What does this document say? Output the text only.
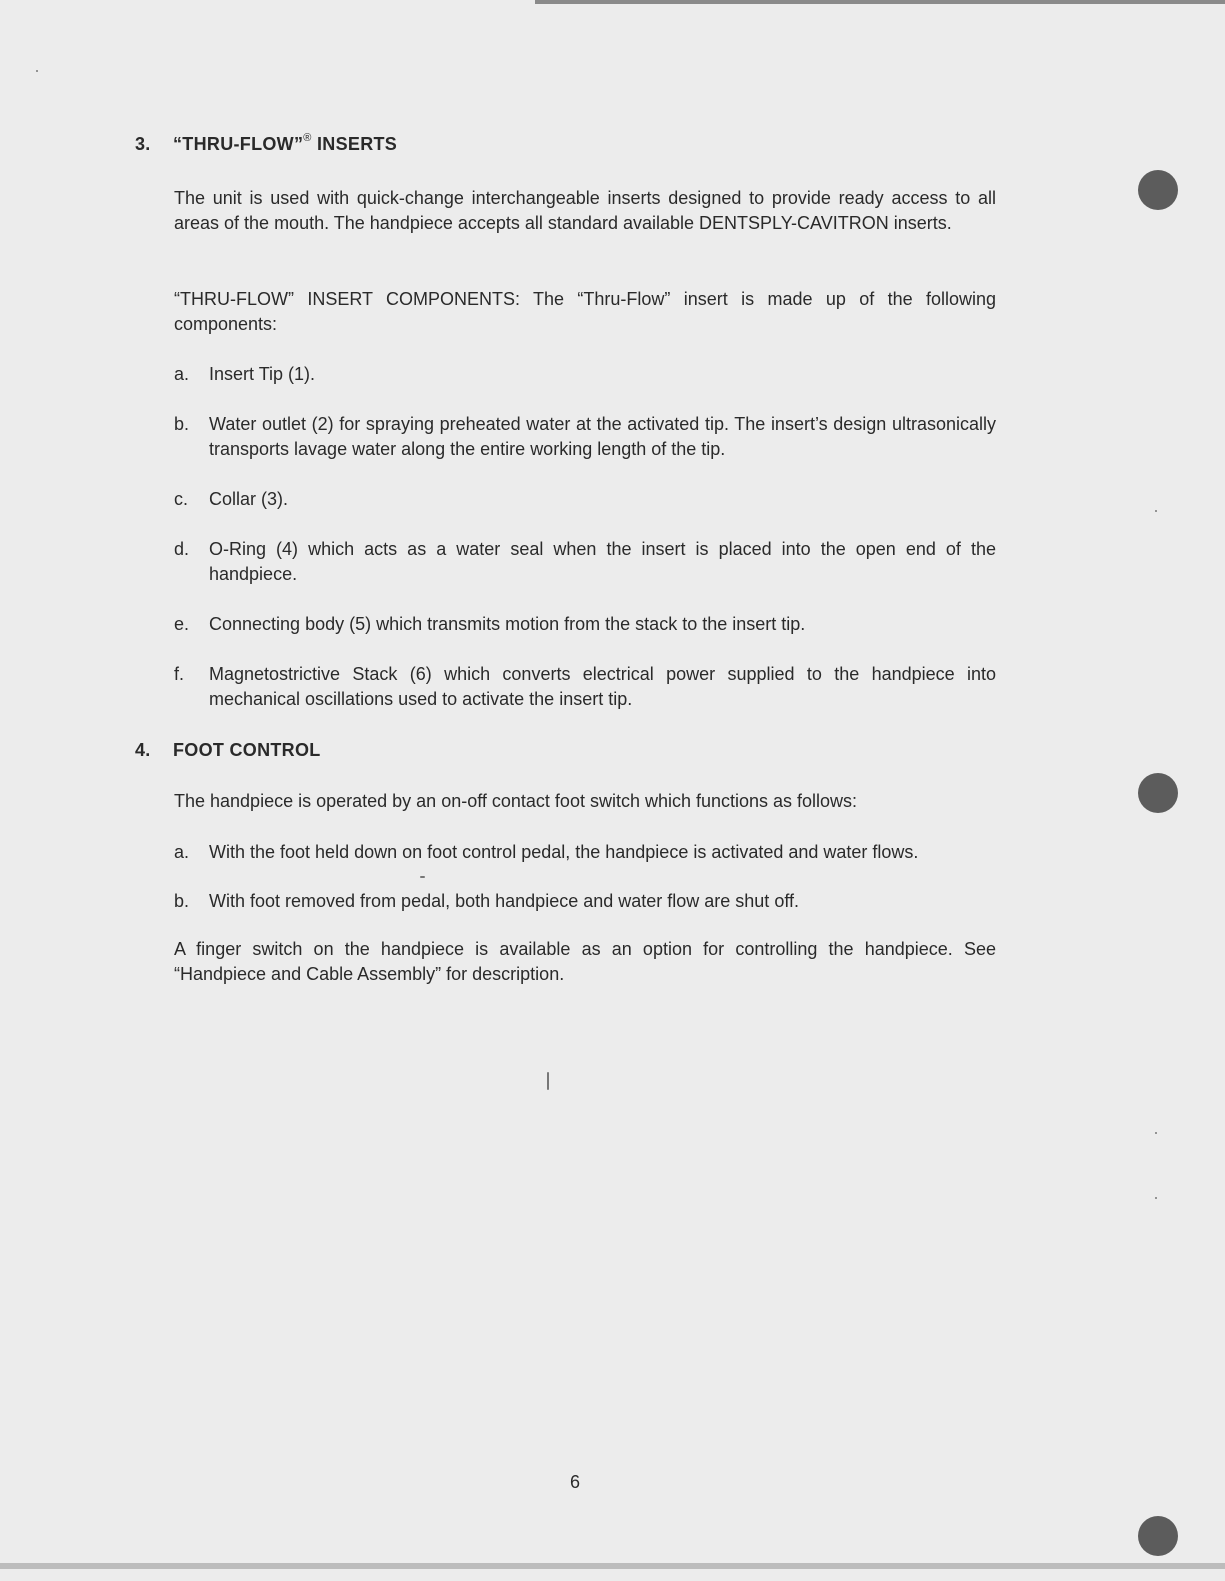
3. “THRU-FLOW”® INSERTS
The unit is used with quick-change interchangeable inserts designed to provide ready access to all areas of the mouth. The handpiece accepts all standard available DENTSPLY-CAVITRON inserts.
“THRU-FLOW” INSERT COMPONENTS: The “Thru-Flow” insert is made up of the following components:
a. Insert Tip (1).
b. Water outlet (2) for spraying preheated water at the activated tip. The insert’s design ultrasonically transports lavage water along the entire working length of the tip.
c. Collar (3).
d. O-Ring (4) which acts as a water seal when the insert is placed into the open end of the handpiece.
e. Connecting body (5) which transmits motion from the stack to the insert tip.
f. Magnetostrictive Stack (6) which converts electrical power supplied to the handpiece into mechanical oscillations used to activate the insert tip.
4. FOOT CONTROL
The handpiece is operated by an on-off contact foot switch which functions as follows:
a. With the foot held down on foot control pedal, the handpiece is activated and water flows.
b. With foot removed from pedal, both handpiece and water flow are shut off.
A finger switch on the handpiece is available as an option for controlling the handpiece. See “Handpiece and Cable Assembly” for description.
6
